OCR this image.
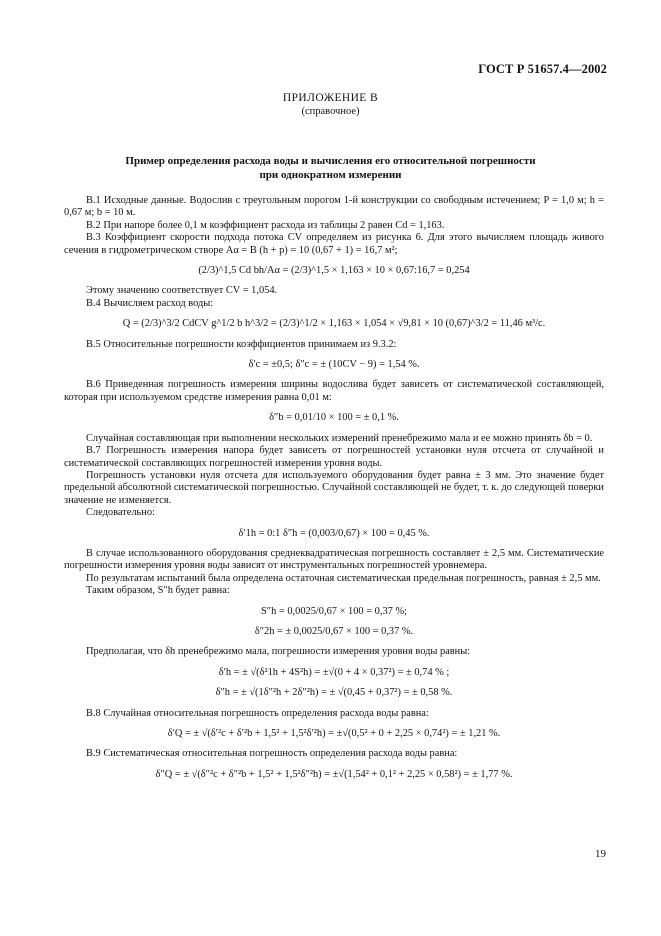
ГОСТ Р 51657.4—2002
ПРИЛОЖЕНИЕ В
(справочное)
Пример определения расхода воды и вычисления его относительной погрешности
при однократном измерении

В.1 Исходные данные. Водослив с треугольным порогом 1-й конструкции со свободным истечением; P = 1,0 м; h = 0,67 м; b = 10 м.

В.2 При напоре более 0,1 м коэффициент расхода из таблицы 2 равен Cd = 1,163.

В.3 Коэффициент скорости подхода потока CV определяем из рисунка 6. Для этого вычисляем площадь живого сечения в гидрометрическом створе Aα = B (h + p) = 10 (0,67 + 1) = 16,7 м²;

(2/3)^1,5 Cd bh/Aα = (2/3)^1,5 × 1,163 × 10 × 0,67:16,7 = 0,254

Этому значению соответствует CV = 1,054.

В.4 Вычисляем расход воды:

Q = (2/3)^3/2 CdCV g^1/2 b h^3/2 = (2/3)^1/2 × 1,163 × 1,054 × √9,81 × 10 (0,67)^3/2 = 11,46 м³/с.

В.5 Относительные погрешности коэффициентов принимаем из 9.3.2:

δ′c = ±0,5; δ″c = ± (10CV − 9) = 1,54 %.

В.6 Приведенная погрешность измерения ширины водослива будет зависеть от систематической составляющей, которая при используемом средстве измерения равна 0,01 м:

δ″b = 0,01/10 × 100 = ± 0,1 %.

Случайная составляющая при выполнении нескольких измерений пренебрежимо мала и ее можно принять δb = 0.

В.7 Погрешность измерения напора будет зависеть от погрешностей установки нуля отсчета от случайной и систематической составляющих погрешностей измерения уровня воды.

Погрешность установки нуля отсчета для используемого оборудования будет равна ± 3 мм. Это значение будет предельной абсолютной систематической погрешностью. Случайной составляющей не будет, т. к. до следующей поверки значение не изменяется.

Следовательно:

δ′1h = 0:1 δ″h = (0,003/0,67) × 100 = 0,45 %.

В случае использованного оборудования среднеквадратическая погрешность составляет ± 2,5 мм. Систематические погрешности измерения уровня воды зависят от инструментальных погрешностей уровнемера.

По результатам испытаний была определена остаточная систематическая предельная погрешность, равная ± 2,5 мм.

Таким образом, S″h будет равна:

S″h = 0,0025/0,67 × 100 = 0,37 %;
δ″2h = ± 0,0025/0,67 × 100 = 0,37 %.

Предполагая, что δh пренебрежимо мала, погрешности измерения уровня воды равны:

δ′h = ± √(δ²1h + 4S²h) = ±√(0 + 4 × 0,37²) = ± 0,74 % ;
δ″h = ± √(1δ″²h + 2δ″²h) = ± √(0,45 + 0,37²) = ± 0,58 %.

В.8 Случайная относительная погрешность определения расхода воды равна:

δ′Q = ± √(δ′²c + δ′²b + 1,5² + 1,5²δ′²h) = ±√(0,5² + 0 + 2,25 × 0,74²) = ± 1,21 %.

В.9 Систематическая относительная погрешность определения расхода воды равна:

δ″Q = ± √(δ″²c + δ″²b + 1,5² + 1,5²δ″²h) = ±√(1,54² + 0,1² + 2,25 × 0,58²) = ± 1,77 %.
19
